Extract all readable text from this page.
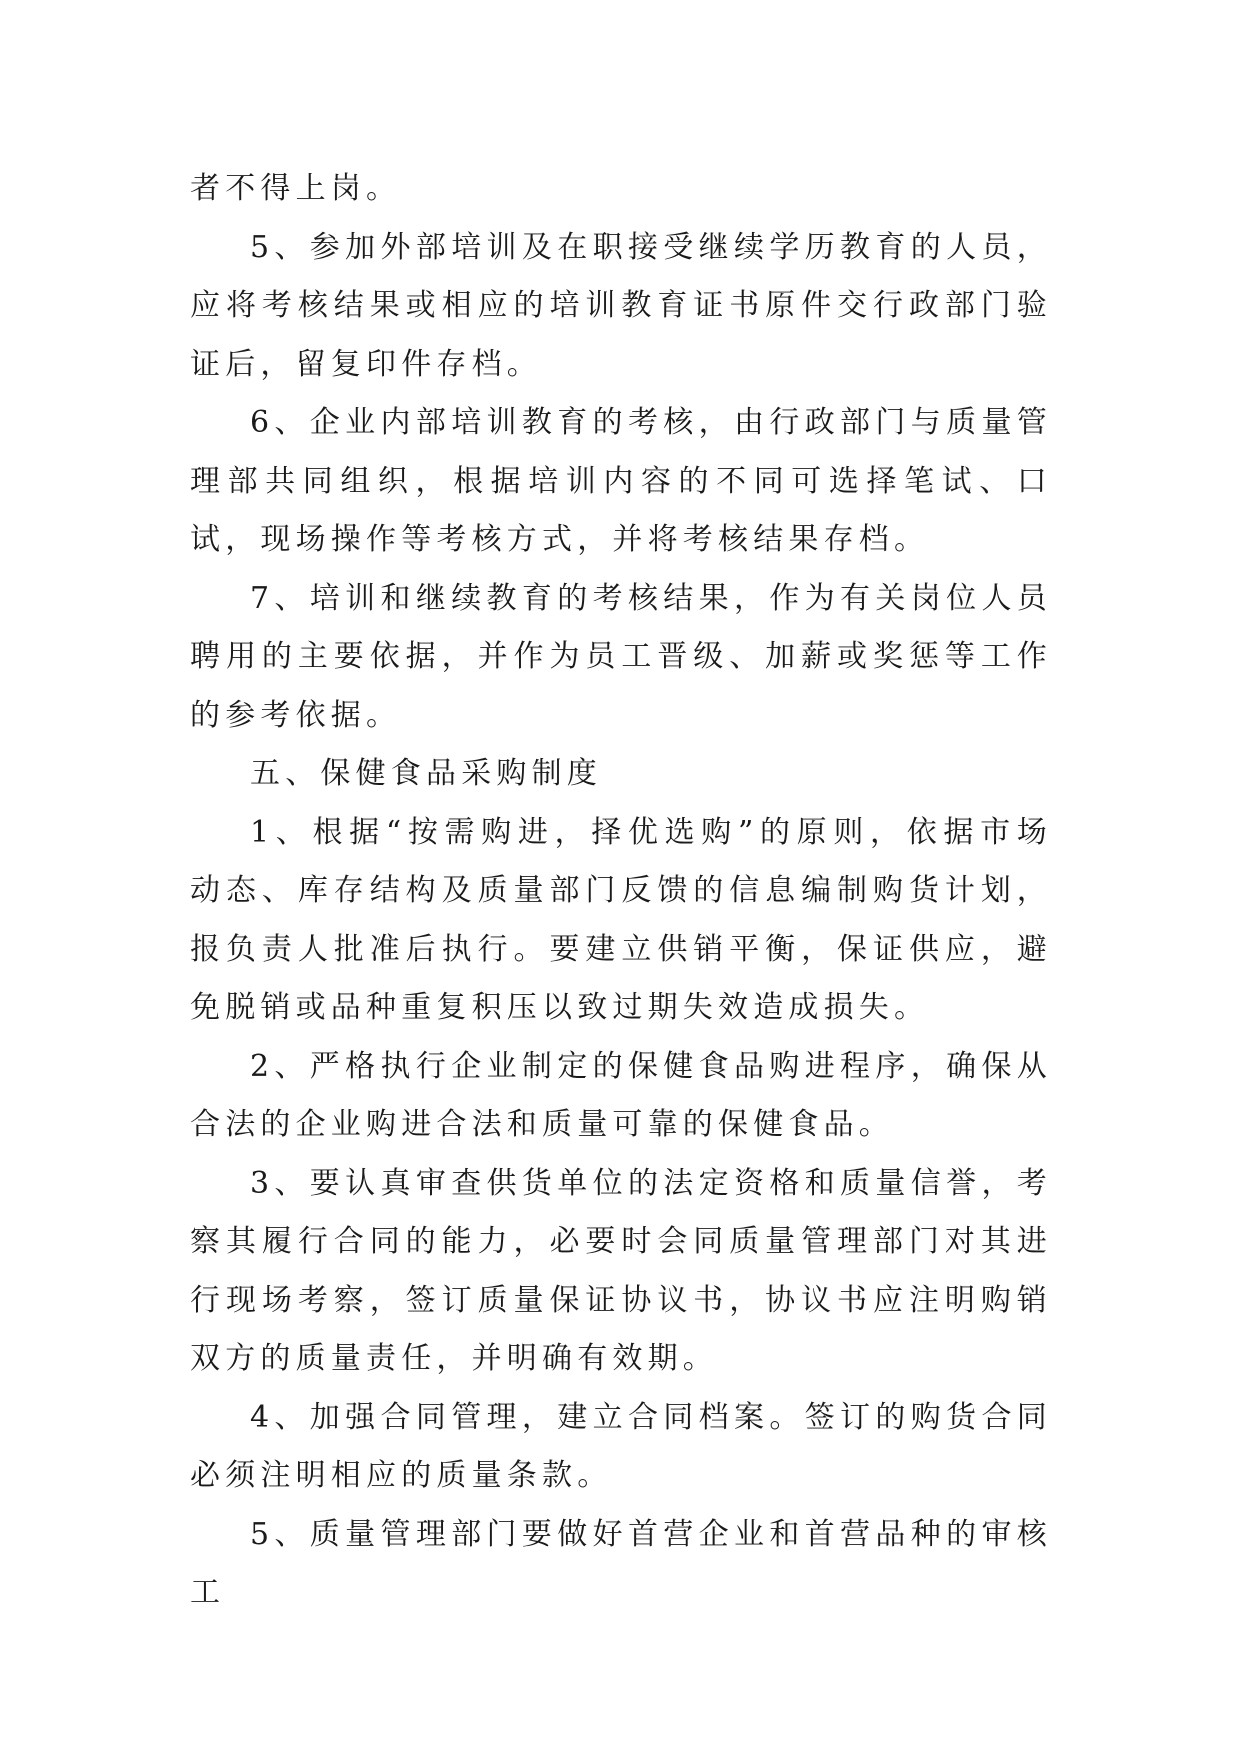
者不得上岗。

5、参加外部培训及在职接受继续学历教育的人员，应将考核结果或相应的培训教育证书原件交行政部门验证后，留复印件存档。

6、企业内部培训教育的考核，由行政部门与质量管理部共同组织，根据培训内容的不同可选择笔试、口试，现场操作等考核方式，并将考核结果存档。

7、培训和继续教育的考核结果，作为有关岗位人员聘用的主要依据，并作为员工晋级、加薪或奖惩等工作的参考依据。

五、保健食品采购制度

1、根据“按需购进，择优选购”的原则，依据市场动态、库存结构及质量部门反馈的信息编制购货计划，报负责人批准后执行。要建立供销平衡，保证供应，避免脱销或品种重复积压以致过期失效造成损失。

2、严格执行企业制定的保健食品购进程序，确保从合法的企业购进合法和质量可靠的保健食品。

3、要认真审查供货单位的法定资格和质量信誉，考察其履行合同的能力，必要时会同质量管理部门对其进行现场考察，签订质量保证协议书，协议书应注明购销双方的质量责任，并明确有效期。

4、加强合同管理，建立合同档案。签订的购货合同必须注明相应的质量条款。

5、质量管理部门要做好首营企业和首营品种的审核工
